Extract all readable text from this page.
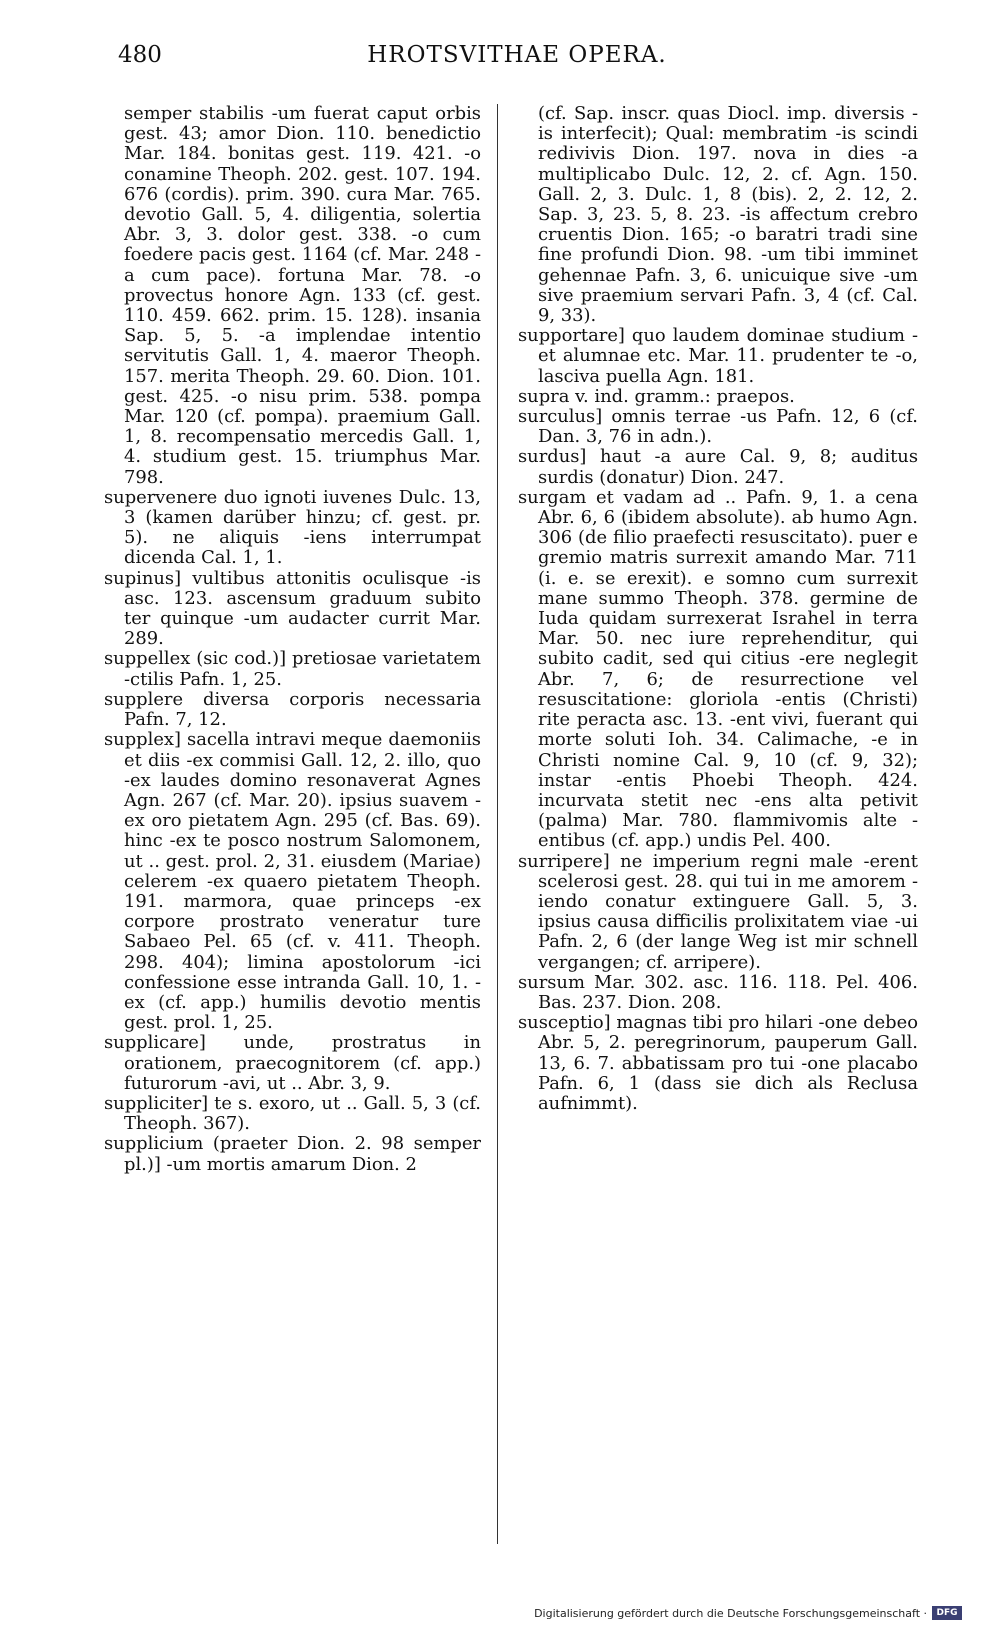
480	HROTSVITHAE OPERA.

semper stabilis -um fuerat caput orbis gest. 43; amor Dion. 110. benedictio Mar. 184. bonitas gest. 119. 421. -o conamine Theoph. 202. gest. 107. 194. 676 (cordis). prim. 390. cura Mar. 765. devotio Gall. 5, 4. diligentia, solertia Abr. 3, 3. dolor gest. 338. -o cum foedere pacis gest. 1164 (cf. Mar. 248 -a cum pace). fortuna Mar. 78. -o provectus honore Agn. 133 (cf. gest. 110. 459. 662. prim. 15. 128). insania Sap. 5, 5. -a implendae intentio servitutis Gall. 1, 4. maeror Theoph. 157. merita Theoph. 29. 60. Dion. 101. gest. 425. -o nisu prim. 538. pompa Mar. 120 (cf. pompa). praemium Gall. 1, 8. recompensatio mercedis Gall. 1, 4. studium gest. 15. triumphus Mar. 798.

supervenere duo ignoti iuvenes Dulc. 13, 3 (kamen darüber hinzu; cf. gest. pr. 5). ne aliquis -iens interrumpat dicenda Cal. 1, 1.

supinus] vultibus attonitis oculisque -is asc. 123. ascensum graduum subito ter quinque -um audacter currit Mar. 289.

suppellex (sic cod.)] pretiosae varietatem -ctilis Pafn. 1, 25.

supplere diversa corporis necessaria Pafn. 7, 12.

supplex] sacella intravi meque daemoniis et diis -ex commisi Gall. 12, 2. illo, quo -ex laudes domino resonaverat Agnes Agn. 267 (cf. Mar. 20). ipsius suavem -ex oro pietatem Agn. 295 (cf. Bas. 69). hinc -ex te posco nostrum Salomonem, ut .. gest. prol. 2, 31. eiusdem (Mariae) celerem -ex quaero pietatem Theoph. 191. marmora, quae princeps -ex corpore prostrato veneratur ture Sabaeo Pel. 65 (cf. v. 411. Theoph. 298. 404); limina apostolorum -ici confessione esse intranda Gall. 10, 1. -ex (cf. app.) humilis devotio mentis gest. prol. 1, 25.

supplicare] unde, prostratus in orationem, praecognitorem (cf. app.) futurorum -avi, ut .. Abr. 3, 9.

suppliciter] te s. exoro, ut .. Gall. 5, 3 (cf. Theoph. 367).

supplicium (praeter Dion. 2. 98 semper pl.)] -um mortis amarum Dion. 2

(cf. Sap. inscr. quas Diocl. imp. diversis -is interfecit); Qual: membratim -is scindi redivivis Dion. 197. nova in dies -a multiplicabo Dulc. 12, 2. cf. Agn. 150. Gall. 2, 3. Dulc. 1, 8 (bis). 2, 2. 12, 2. Sap. 3, 23. 5, 8. 23. -is affectum crebro cruentis Dion. 165; -o baratri tradi sine fine profundi Dion. 98. -um tibi imminet gehennae Pafn. 3, 6. unicuique sive -um sive praemium servari Pafn. 3, 4 (cf. Cal. 9, 33).

supportare] quo laudem dominae studium -et alumnae etc. Mar. 11. prudenter te -o, lasciva puella Agn. 181.

supra v. ind. gramm.: praepos.

surculus] omnis terrae -us Pafn. 12, 6 (cf. Dan. 3, 76 in adn.).

surdus] haut -a aure Cal. 9, 8; auditus surdis (donatur) Dion. 247.

surgam et vadam ad .. Pafn. 9, 1. a cena Abr. 6, 6 (ibidem absolute). ab humo Agn. 306 (de filio praefecti resuscitato). puer e gremio matris surrexit amando Mar. 711 (i. e. se erexit). e somno cum surrexit mane summo Theoph. 378. germine de Iuda quidam surrexerat Israhel in terra Mar. 50. nec iure reprehenditur, qui subito cadit, sed qui citius -ere neglegit Abr. 7, 6; de resurrectione vel resuscitatione: gloriola -entis (Christi) rite peracta asc. 13. -ent vivi, fuerant qui morte soluti Ioh. 34. Calimache, -e in Christi nomine Cal. 9, 10 (cf. 9, 32); instar -entis Phoebi Theoph. 424. incurvata stetit nec -ens alta petivit (palma) Mar. 780. flammivomis alte -entibus (cf. app.) undis Pel. 400.

surripere] ne imperium regni male -erent scelerosi gest. 28. qui tui in me amorem -iendo conatur extinguere Gall. 5, 3. ipsius causa difficilis prolixitatem viae -ui Pafn. 2, 6 (der lange Weg ist mir schnell vergangen; cf. arripere).

sursum Mar. 302. asc. 116. 118. Pel. 406. Bas. 237. Dion. 208.

susceptio] magnas tibi pro hilari -one debeo Abr. 5, 2. peregrinorum, pauperum Gall. 13, 6. 7. abbatissam pro tui -one placabo Pafn. 6, 1 (dass sie dich als Reclusa aufnimmt).

Digitalisierung gefördert durch die Deutsche Forschungsgemeinschaft ·	DFG
